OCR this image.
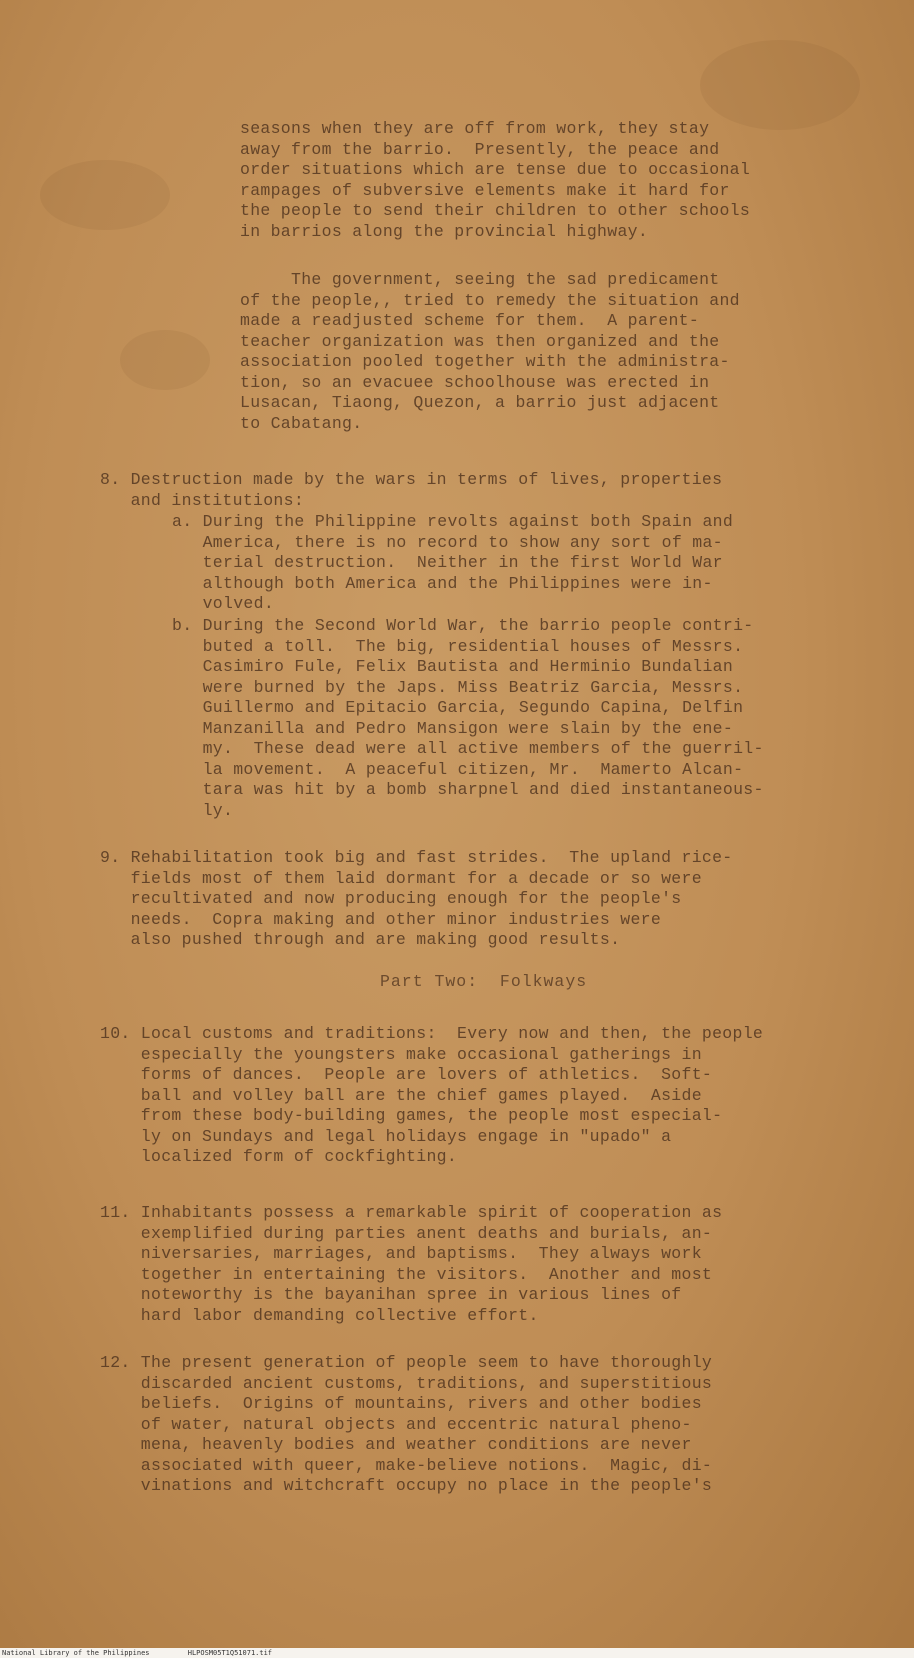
seasons when they are off from work, they stay
away from the barrio.  Presently, the peace and
order situations which are tense due to occasional
rampages of subversive elements make it hard for
the people to send their children to other schools
in barrios along the provincial highway.
The government, seeing the sad predicament
of the people,, tried to remedy the situation and
made a readjusted scheme for them.  A parent-
teacher organization was then organized and the
association pooled together with the administra-
tion, so an evacuee schoolhouse was erected in
Lusacan, Tiaong, Quezon, a barrio just adjacent
to Cabatang.
8. Destruction made by the wars in terms of lives, properties
and institutions:
a. During the Philippine revolts against both Spain and
America, there is no record to show any sort of ma-
terial destruction.  Neither in the first World War
although both America and the Philippines were in-
volved.
b. During the Second World War, the barrio people contri-
buted a toll.  The big, residential houses of Messrs.
Casimiro Fule, Felix Bautista and Herminio Bundalian
were burned by the Japs. Miss Beatriz Garcia, Messrs.
Guillermo and Epitacio Garcia, Segundo Capina, Delfin
Manzanilla and Pedro Mansigon were slain by the ene-
my.  These dead were all active members of the guerril-
la movement.  A peaceful citizen, Mr.  Mamerto Alcan-
tara was hit by a bomb sharpnel and died instantaneous-
ly.
9. Rehabilitation took big and fast strides.  The upland rice-
fields most of them laid dormant for a decade or so were
recultivated and now producing enough for the people's
needs.  Copra making and other minor industries were
also pushed through and are making good results.
Part Two:  Folkways
10. Local customs and traditions:  Every now and then, the people
especially the youngsters make occasional gatherings in
forms of dances.  People are lovers of athletics.  Soft-
ball and volley ball are the chief games played.  Aside
from these body-building games, the people most especial-
ly on Sundays and legal holidays engage in "upado" a
localized form of cockfighting.
11. Inhabitants possess a remarkable spirit of cooperation as
exemplified during parties anent deaths and burials, an-
niversaries, marriages, and baptisms.  They always work
together in entertaining the visitors.  Another and most
noteworthy is the bayanihan spree in various lines of
hard labor demanding collective effort.
12. The present generation of people seem to have thoroughly
discarded ancient customs, traditions, and superstitious
beliefs.  Origins of mountains, rivers and other bodies
of water, natural objects and eccentric natural pheno-
mena, heavenly bodies and weather conditions are never
associated with queer, make-believe notions.  Magic, di-
vinations and witchcraft occupy no place in the people's
National Library of the Philippines	HLPOSM05T1Q51071.tif
